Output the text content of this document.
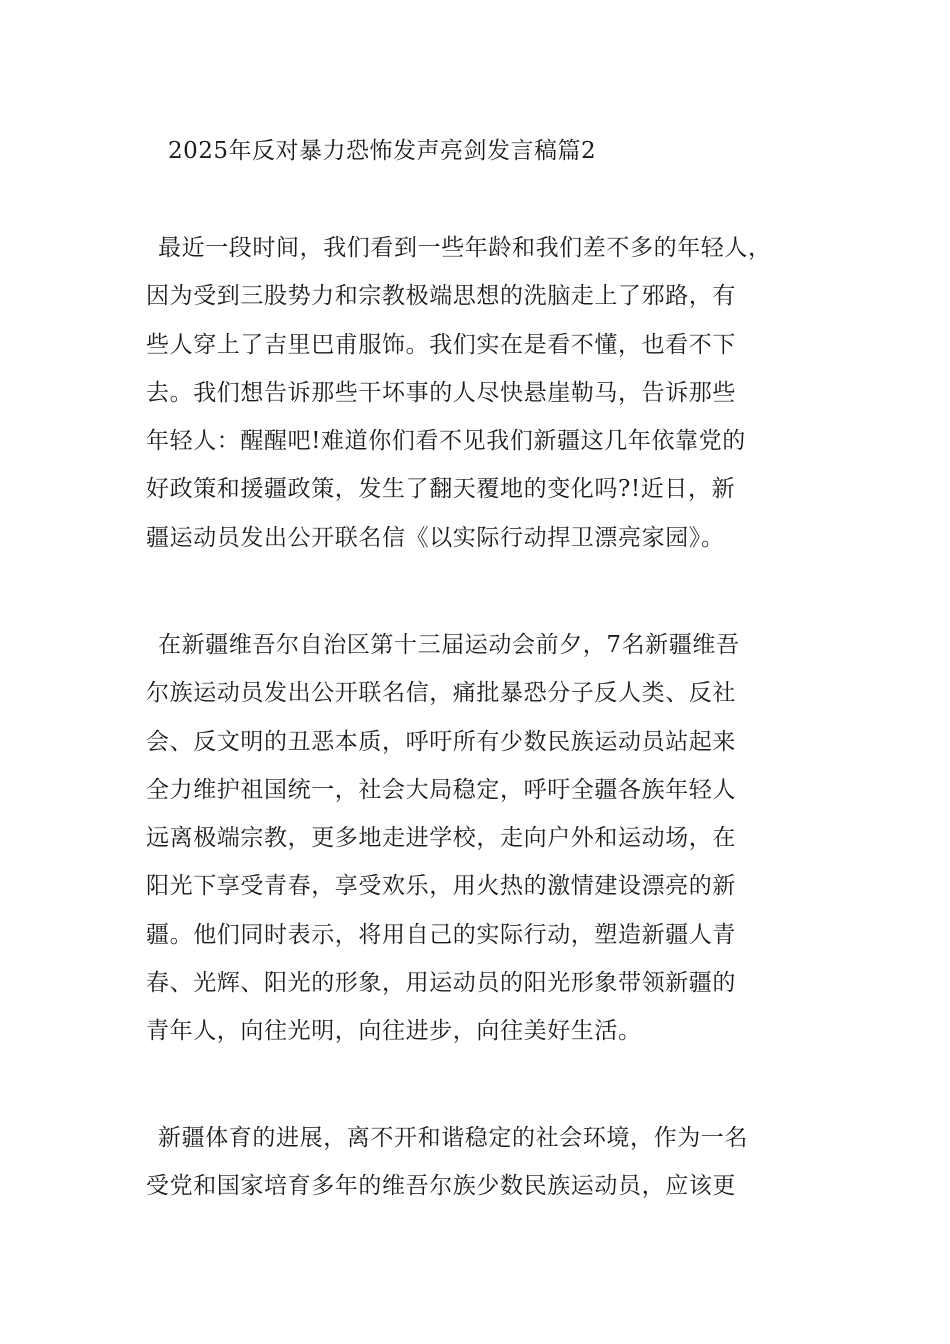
2025年反对暴力恐怖发声亮剑发言稿篇2
最近一段时间，我们看到一些年龄和我们差不多的年轻人，
因为受到三股势力和宗教极端思想的洗脑走上了邪路，有
些人穿上了吉里巴甫服饰。我们实在是看不懂，也看不下
去。我们想告诉那些干坏事的人尽快悬崖勒马，告诉那些
年轻人：醒醒吧!难道你们看不见我们新疆这几年依靠党的
好政策和援疆政策，发生了翻天覆地的变化吗?!近日，新
疆运动员发出公开联名信《以实际行动捍卫漂亮家园》。
在新疆维吾尔自治区第十三届运动会前夕，7名新疆维吾
尔族运动员发出公开联名信，痛批暴恐分子反人类、反社
会、反文明的丑恶本质，呼吁所有少数民族运动员站起来
全力维护祖国统一，社会大局稳定，呼吁全疆各族年轻人
远离极端宗教，更多地走进学校，走向户外和运动场，在
阳光下享受青春，享受欢乐，用火热的激情建设漂亮的新
疆。他们同时表示，将用自己的实际行动，塑造新疆人青
春、光辉、阳光的形象，用运动员的阳光形象带领新疆的
青年人，向往光明，向往进步，向往美好生活。
新疆体育的进展，离不开和谐稳定的社会环境，作为一名
受党和国家培育多年的维吾尔族少数民族运动员，应该更
